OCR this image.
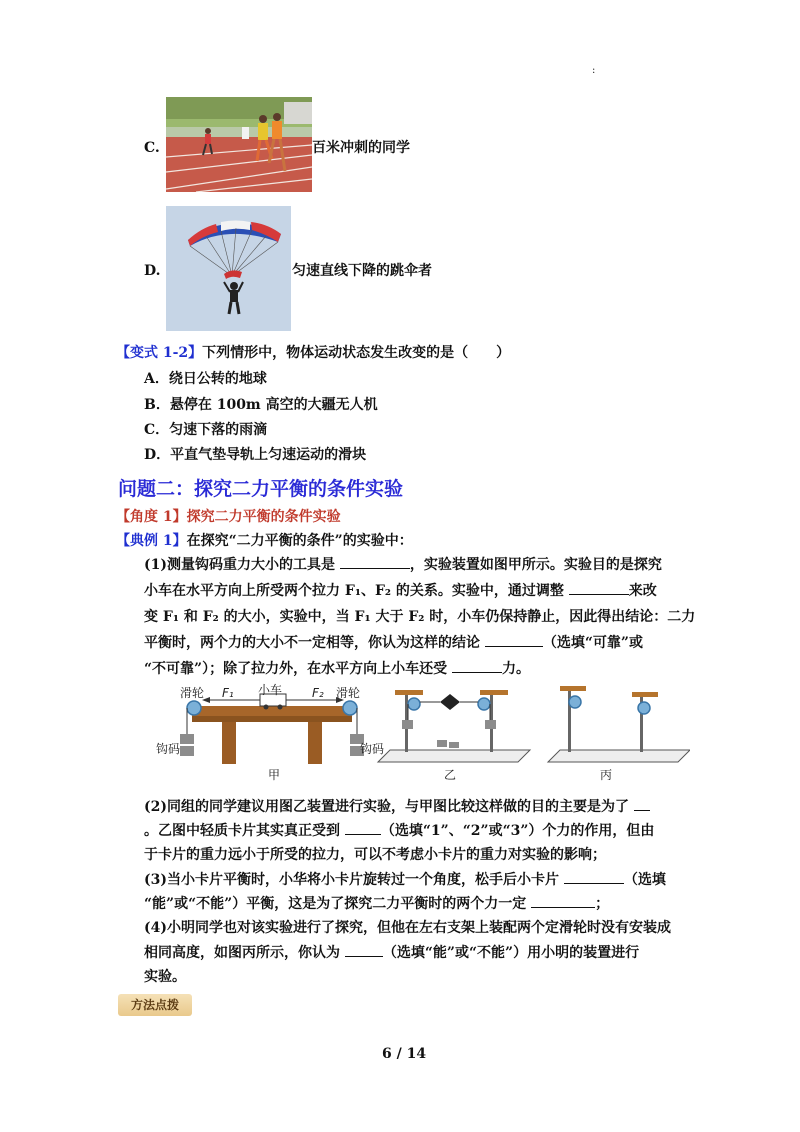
:
C.	百米冲刺的同学
D.	匀速直线下降的跳伞者
【变式 1-2】下列情形中，物体运动状态发生改变的是（　　）
A．绕日公转的地球
B．悬停在 100m 高空的大疆无人机
C．匀速下落的雨滴
D．平直气垫导轨上匀速运动的滑块
问题二：探究二力平衡的条件实验
【角度 1】探究二力平衡的条件实验
【典例 1】在探究“二力平衡的条件”的实验中：
(1)测量钩码重力大小的工具是	，实验装置如图甲所示。实验目的是探究
小车在水平方向上所受两个拉力 F₁、F₂ 的关系。实验中，通过调整	来改
变 F₁ 和 F₂ 的大小，实验中，当 F₁ 大于 F₂ 时，小车仍保持静止，因此得出结论：二力
平衡时，两个力的大小不一定相等，你认为这样的结论	（选填“可靠”或
“不可靠”）；除了拉力外，在水平方向上小车还受	力。
滑轮	小车	滑轮
F₁	F₂
钩码	钩码
甲	乙	丙
(2)同组的同学建议用图乙装置进行实验，与甲图比较这样做的目的主要是为了
。乙图中轻质卡片其实真正受到	（选填“1”、“2”或“3”）个力的作用，但由
于卡片的重力远小于所受的拉力，可以不考虑小卡片的重力对实验的影响；
(3)当小卡片平衡时，小华将小卡片旋转过一个角度，松手后小卡片	（选填
“能”或“不能”）平衡，这是为了探究二力平衡时的两个力一定	；
(4)小明同学也对该实验进行了探究，但他在左右支架上装配两个定滑轮时没有安装成
相同高度，如图丙所示，你认为	（选填“能”或“不能”）用小明的装置进行
实验。
方法点拨
6 / 14
